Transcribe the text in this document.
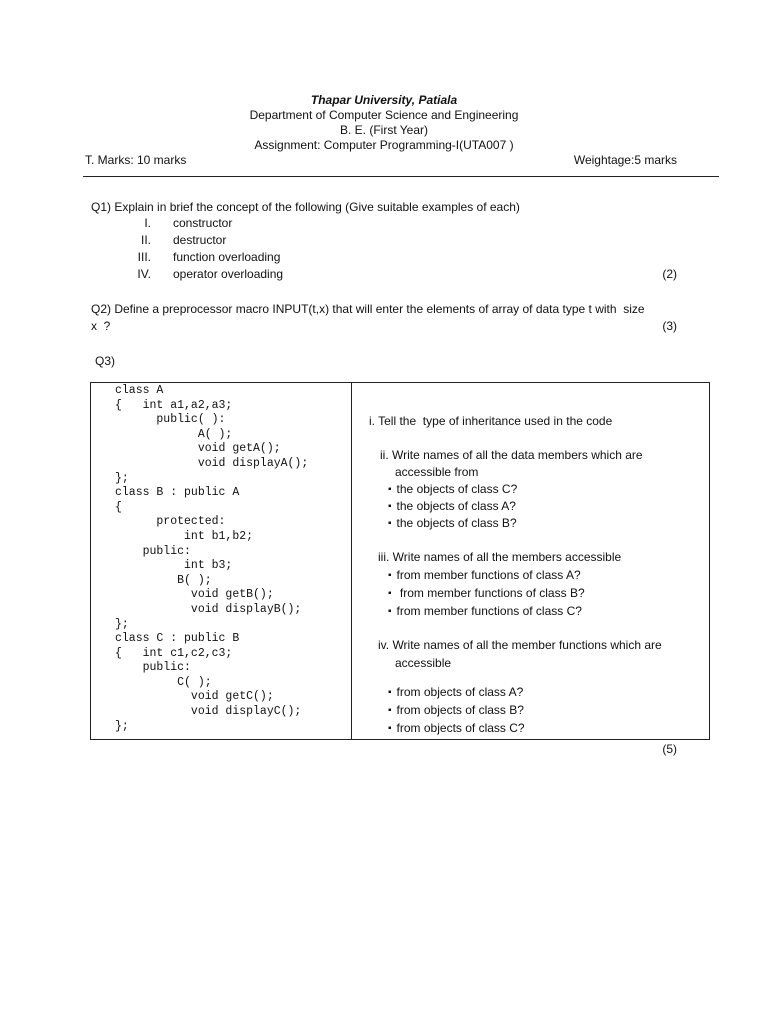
Thapar University, Patiala
Department of Computer Science and Engineering
B. E. (First Year)
Assignment: Computer Programming-I(UTA007 )
T. Marks: 10 marks	Weightage:5 marks
Q1) Explain in brief the concept of the following (Give suitable examples of each)
I. constructor
II. destructor
III. function overloading
IV. operator overloading	(2)
Q2) Define a preprocessor macro INPUT(t,x) that will enter the elements of array of data type t with  size
x  ?	(3)
Q3)
class A
{   int a1,a2,a3;
public( ):
A( );
void getA();
void displayA();
};
class B : public A
{
protected:
int b1,b2;
public:
int b3;
B( );
void getB();
void displayB();
};
class C : public B
{   int c1,c2,c3;
public:
C( );
void getC();
void displayC();
};
i. Tell the  type of inheritance used in the code
ii. Write names of all the data members which are
accessible from
▪ the objects of class C?
▪ the objects of class A?
▪ the objects of class B?
iii. Write names of all the members accessible
▪ from member functions of class A?
▪  from member functions of class B?
▪ from member functions of class C?
iv. Write names of all the member functions which are
accessible
▪ from objects of class A?
▪ from objects of class B?
▪ from objects of class C?
(5)
